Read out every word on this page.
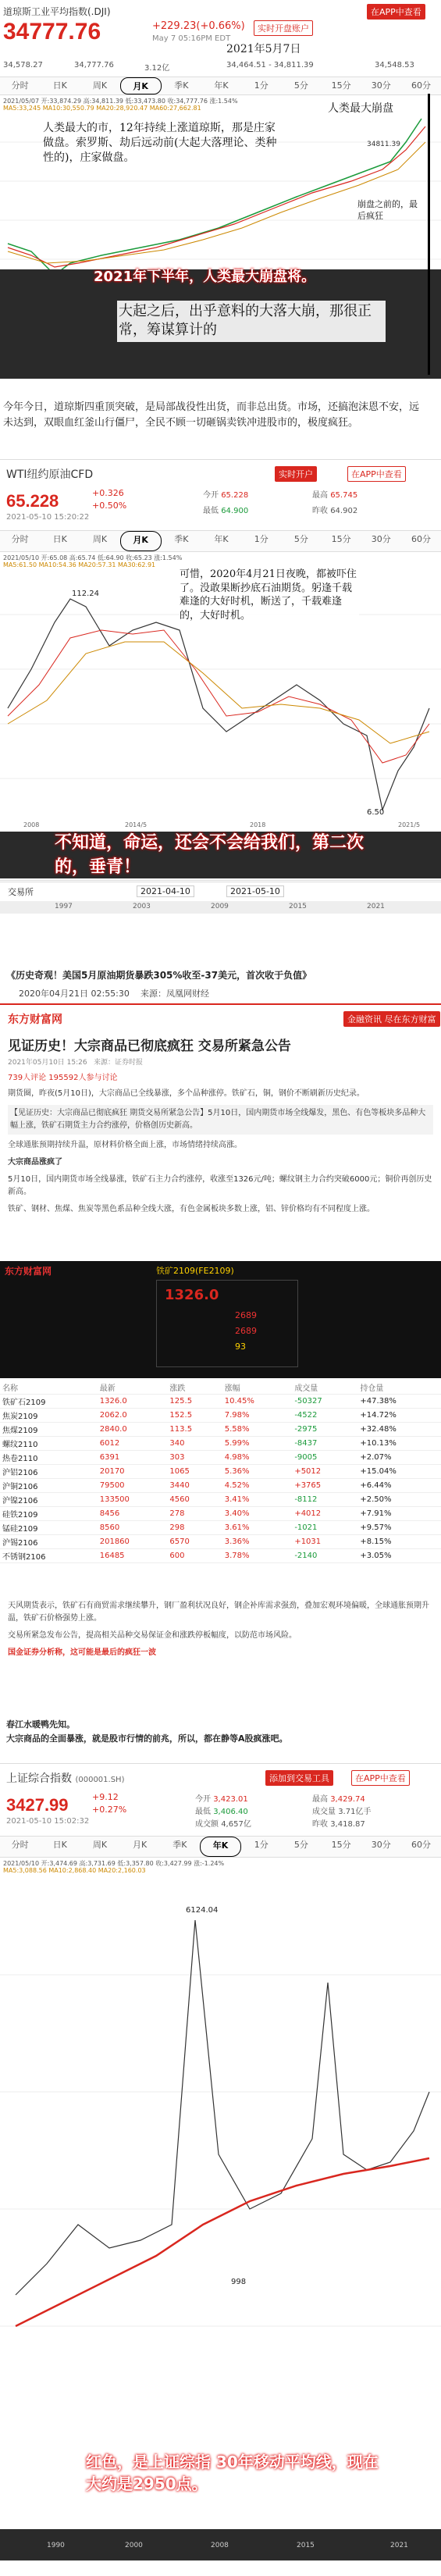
道琼斯工业平均指数(.DJI)	在APP中查看
34777.76	+229.23(+0.66%)	实时开盘账户
May 7 05:16PM EDT
2021年5月7日
34,578.27	34,777.76	3.12亿	34,464.51 - 34,811.39	34,548.53
分时	日K	周K	月K	季K	年K	1分	5分	15分	30分	60分
2021/05/07 开:33,874.29 高:34,811.39 低:33,473.80 收:34,777.76 涨:1.54%
MA5:33,245 MA10:30,550.79 MA20:28,920.47 MA60:27,662.81
34811.39
人类最大崩盘
人类最大的市，12年持续上涨道琼斯，那是庄家做盘。索罗斯、劫后远动前(大起大落理论、类种性的)，庄家做盘。
崩盘之前的，最后疯狂
2021年下半年，人类最大崩盘将。
大起之后，出乎意料的大落大崩，那很正常，筹谋算计的
今年今日，道琼斯四重顶突破，是局部战役性出货，而非总出货。市场，还搞泡沫恩不安，远未达到，双眼血红釜山行僵尸，全民不顾一切砸锅卖铁冲进股市的，极度疯狂。
WTI纽约原油CFD	实时开户	在APP中查看
65.228	+0.326
+0.50%
2021-05-10 15:20:22
今开 65.228	最高 65.745
最低 64.900	昨收 64.902
分时	日K	周K	月K	季K	年K	1分	5分	15分	30分	60分
2021/05/10 开:65.08 高:65.74 低:64.90 收:65.23 涨:1.54%
MA5:61.50 MA10:54.36 MA20:57.31 MA30:62.91
112.24
6.50
2008	2014/5	2018	2021/5
可惜，2020年4月21日夜晚，都被吓住了。没敢果断抄底石油期货。躬逢千载难逢的大好时机，断送了，千载难逢的，大好时机。
不知道，命运，还会不会给我们，第二次的，垂青！
交易所	2021-04-10	2021-05-10
1997	2003	2009	2015	2021
《历史奇观！美国5月原油期货暴跌305%收至-37美元，首次收于负值》
2020年04月21日 02:55:30 来源：凤凰网财经
东方财富网	金融资讯 尽在东方财富
见证历史！大宗商品已彻底疯狂 交易所紧急公告
2021年05月10日 15:26 来源：证券时报
739人评论 195592人参与讨论

期货圈，昨夜(5月10日)，大宗商品已全线暴涨，多个品种涨停。铁矿石，铜，钢价不断刷新历史纪录。

【见证历史：大宗商品已彻底疯狂 期货交易所紧急公告】5月10日，国内期货市场全线爆发，黑色、有色等板块多品种大幅上涨，铁矿石期货主力合约涨停，价格创历史新高。

全球通胀预期持续升温，原材料价格全面上涨，市场情绪持续高涨。

大宗商品涨疯了

5月10日，国内期货市场全线暴涨，铁矿石主力合约涨停，收涨至1326元/吨；螺纹钢主力合约突破6000元；铜价再创历史新高。

铁矿、钢材、焦煤、焦炭等黑色系品种全线大涨，有色金属板块多数上涨，铝、锌价格均有不同程度上涨。

东方财富网	铁矿2109(FE2109)
1326.0
2689
2689
93
名称	最新	涨跌	涨幅	成交量	持仓量
铁矿石2109	1326.0	125.5	10.45%	-50327	+47.38%
焦炭2109	2062.0	152.5	7.98%	-4522	+14.72%
焦煤2109	2840.0	113.5	5.58%	-2975	+32.48%
螺纹2110	6012	340	5.99%	-8437	+10.13%
热卷2110	6391	303	4.98%	-9005	+2.07%
沪铝2106	20170	1065	5.36%	+5012	+15.04%
沪铜2106	79500	3440	4.52%	+3765	+6.44%
沪镍2106	133500	4560	3.41%	-8112	+2.50%
硅铁2109	8456	278	3.40%	+4012	+7.91%
锰硅2109	8560	298	3.61%	-1021	+9.57%
沪锡2106	201860	6570	3.36%	+1031	+8.15%
不锈钢2106	16485	600	3.78%	-2140	+3.05%

天风期货表示，铁矿石有商贸需求继续攀升，钢厂盈利状况良好，钢企补库需求强劲，叠加宏观环境偏暖，全球通胀预期升温，铁矿石价格强势上涨。

交易所紧急发布公告，提高相关品种交易保证金和涨跌停板幅度，以防范市场风险。

国金证券分析称，这可能是最后的疯狂一波

春江水暖鸭先知。
大宗商品的全面暴涨，就是股市行情的前兆，所以，都在静等A股疯涨吧。
上证综合指数 (000001.SH)	添加到交易工具	在APP中查看
3427.99	+9.12
+0.27%
2021-05-10 15:02:32
今开 3,423.01	最高 3,429.74
最低 3,406.40	成交量 3.71亿手
成交额 4,657亿	昨收 3,418.87
分时	日K	周K	月K	季K	年K	1分	5分	15分	30分	60分
2021/05/10 开:3,474.69 高:3,731.69 低:3,357.80 收:3,427.99 涨:-1.24%
MA5:3,088.56 MA10:2,868.40 MA20:2,160.03
6124.04
998
1990	2000	2008	2015	2021
红色，是上证综指 30年移动平均线，现在大约是2950点。
